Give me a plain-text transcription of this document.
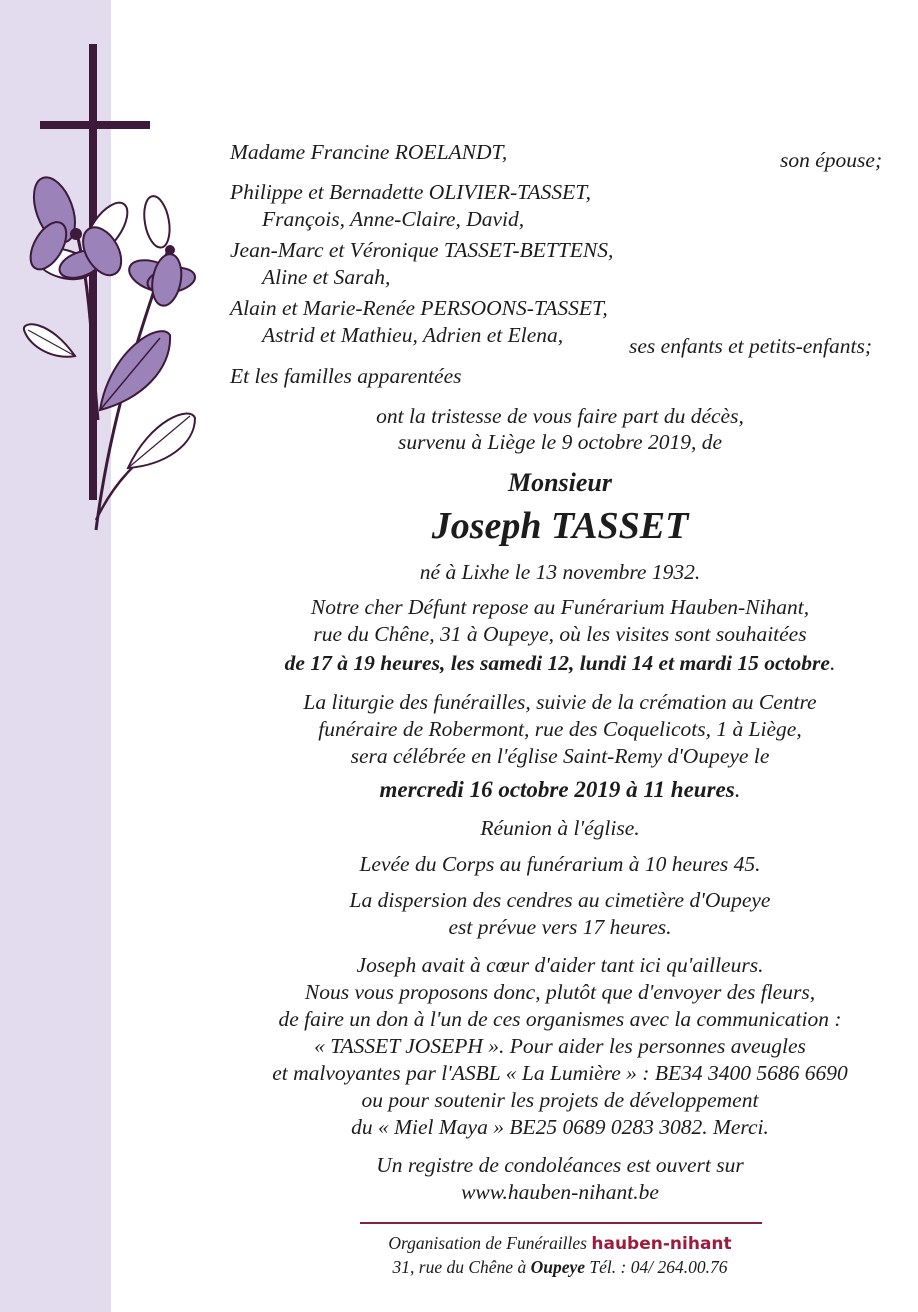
Madame Francine ROELANDT,	son épouse;
Philippe et Bernadette OLIVIER-TASSET,
François, Anne-Claire, David,
Jean-Marc et Véronique TASSET-BETTENS,
Aline et Sarah,
Alain et Marie-Renée PERSOONS-TASSET,
Astrid et Mathieu, Adrien et Elena,	ses enfants et petits-enfants;
Et les familles apparentées
ont la tristesse de vous faire part du décès,
survenu à Liège le 9 octobre 2019, de
Monsieur
Joseph TASSET
né à Lixhe le 13 novembre 1932.
Notre cher Défunt repose au Funérarium Hauben-Nihant,
rue du Chêne, 31 à Oupeye, où les visites sont souhaitées
de 17 à 19 heures, les samedi 12, lundi 14 et mardi 15 octobre.
La liturgie des funérailles, suivie de la crémation au Centre
funéraire de Robermont, rue des Coquelicots, 1 à Liège,
sera célébrée en l'église Saint-Remy d'Oupeye le
mercredi 16 octobre 2019 à 11 heures.
Réunion à l'église.
Levée du Corps au funérarium à 10 heures 45.
La dispersion des cendres au cimetière d'Oupeye
est prévue vers 17 heures.
Joseph avait à cœur d'aider tant ici qu'ailleurs.
Nous vous proposons donc, plutôt que d'envoyer des fleurs,
de faire un don à l'un de ces organismes avec la communication :
« TASSET JOSEPH ». Pour aider les personnes aveugles
et malvoyantes par l'ASBL « La Lumière » : BE34 3400 5686 6690
ou pour soutenir les projets de développement
du « Miel Maya » BE25 0689 0283 3082. Merci.
Un registre de condoléances est ouvert sur
www.hauben-nihant.be
Organisation de Funérailles hauben-nihant
31, rue du Chêne à Oupeye Tél. : 04/ 264.00.76
